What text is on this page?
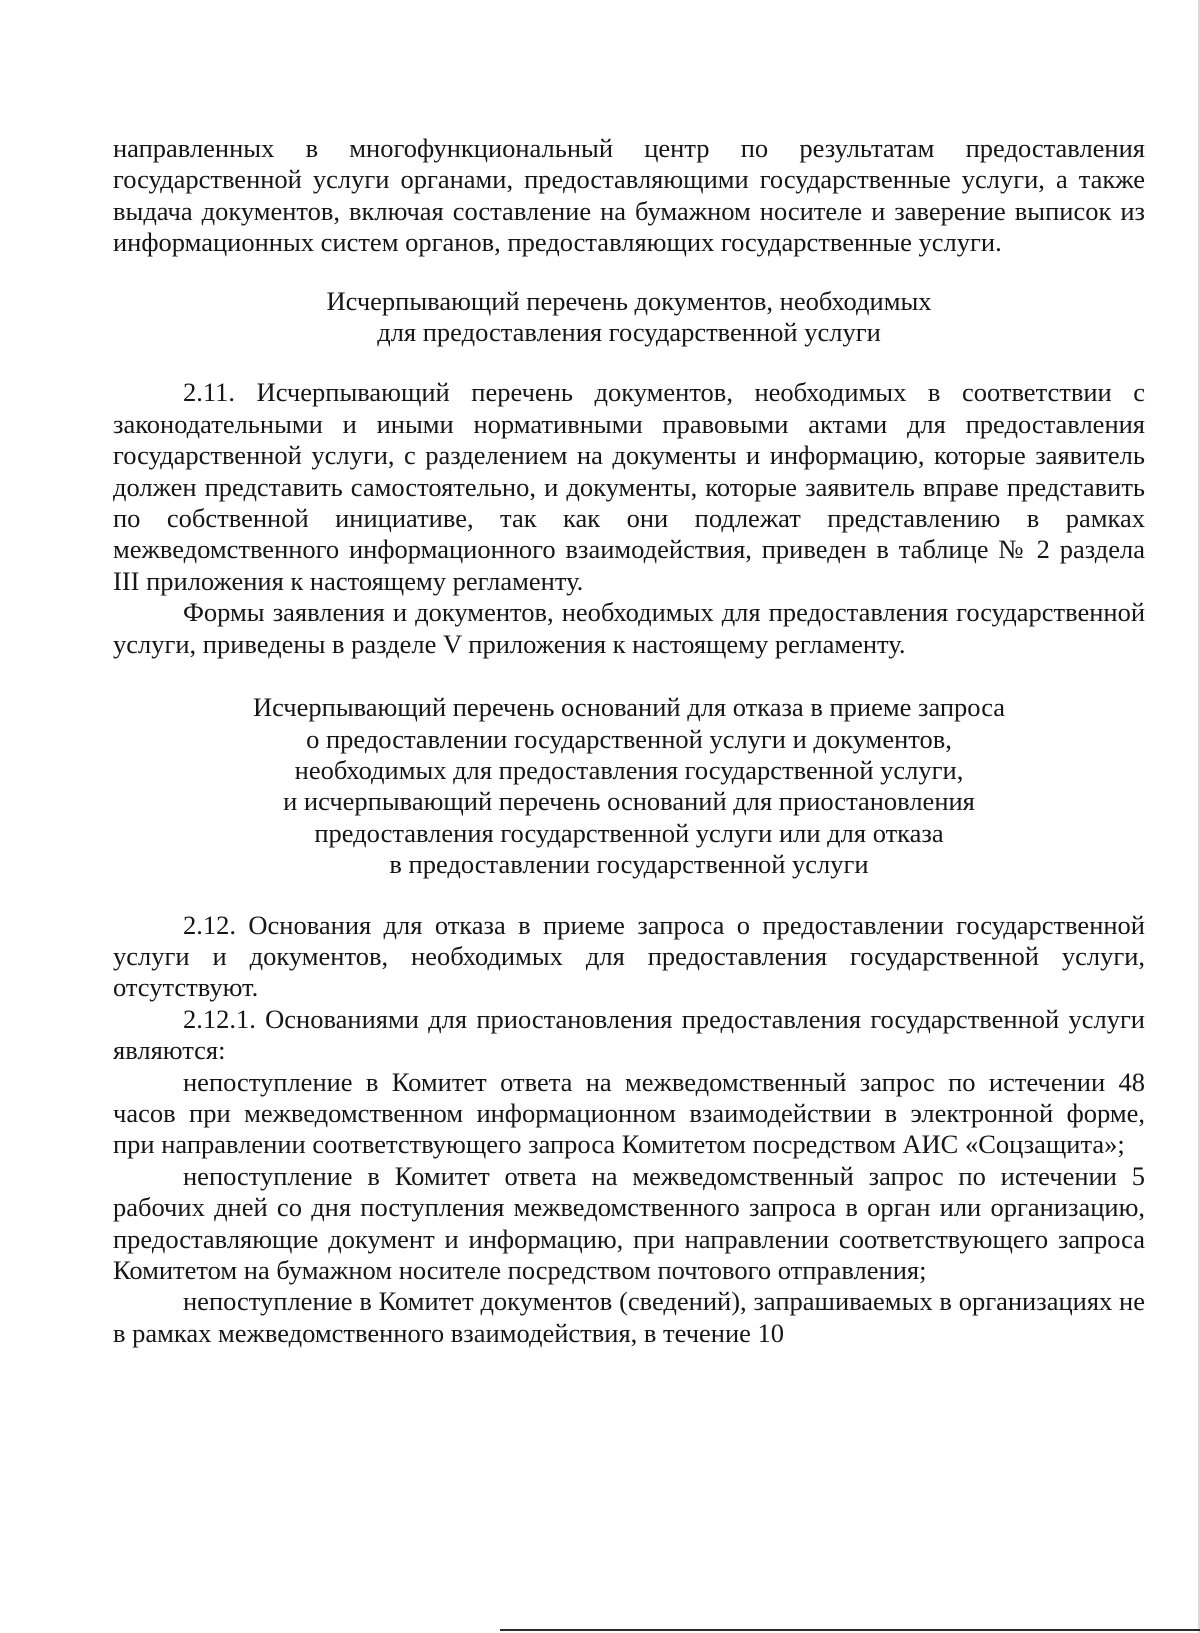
направленных в многофункциональный центр по результатам предоставления государственной услуги органами, предоставляющими государственные услуги, а также выдача документов, включая составление на бумажном носителе и заверение выписок из информационных систем органов, предоставляющих государственные услуги.

Исчерпывающий перечень документов, необходимых
для предоставления государственной услуги

2.11. Исчерпывающий перечень документов, необходимых в соответствии с законодательными и иными нормативными правовыми актами для предоставления государственной услуги, с разделением на документы и информацию, которые заявитель должен представить самостоятельно, и документы, которые заявитель вправе представить по собственной инициативе, так как они подлежат представлению в рамках межведомственного информационного взаимодействия, приведен в таблице № 2 раздела III приложения к настоящему регламенту.

Формы заявления и документов, необходимых для предоставления государственной услуги, приведены в разделе V приложения к настоящему регламенту.

Исчерпывающий перечень оснований для отказа в приеме запроса
о предоставлении государственной услуги и документов,
необходимых для предоставления государственной услуги,
и исчерпывающий перечень оснований для приостановления
предоставления государственной услуги или для отказа
в предоставлении государственной услуги

2.12. Основания для отказа в приеме запроса о предоставлении государственной услуги и документов, необходимых для предоставления государственной услуги, отсутствуют.

2.12.1. Основаниями для приостановления предоставления государственной услуги являются:

непоступление в Комитет ответа на межведомственный запрос по истечении 48 часов при межведомственном информационном взаимодействии в электронной форме, при направлении соответствующего запроса Комитетом посредством АИС «Соцзащита»;

непоступление в Комитет ответа на межведомственный запрос по истечении 5 рабочих дней со дня поступления межведомственного запроса в орган или организацию, предоставляющие документ и информацию, при направлении соответствующего запроса Комитетом на бумажном носителе посредством почтового отправления;

непоступление в Комитет документов (сведений), запрашиваемых в организациях не в рамках межведомственного взаимодействия, в течение 10
